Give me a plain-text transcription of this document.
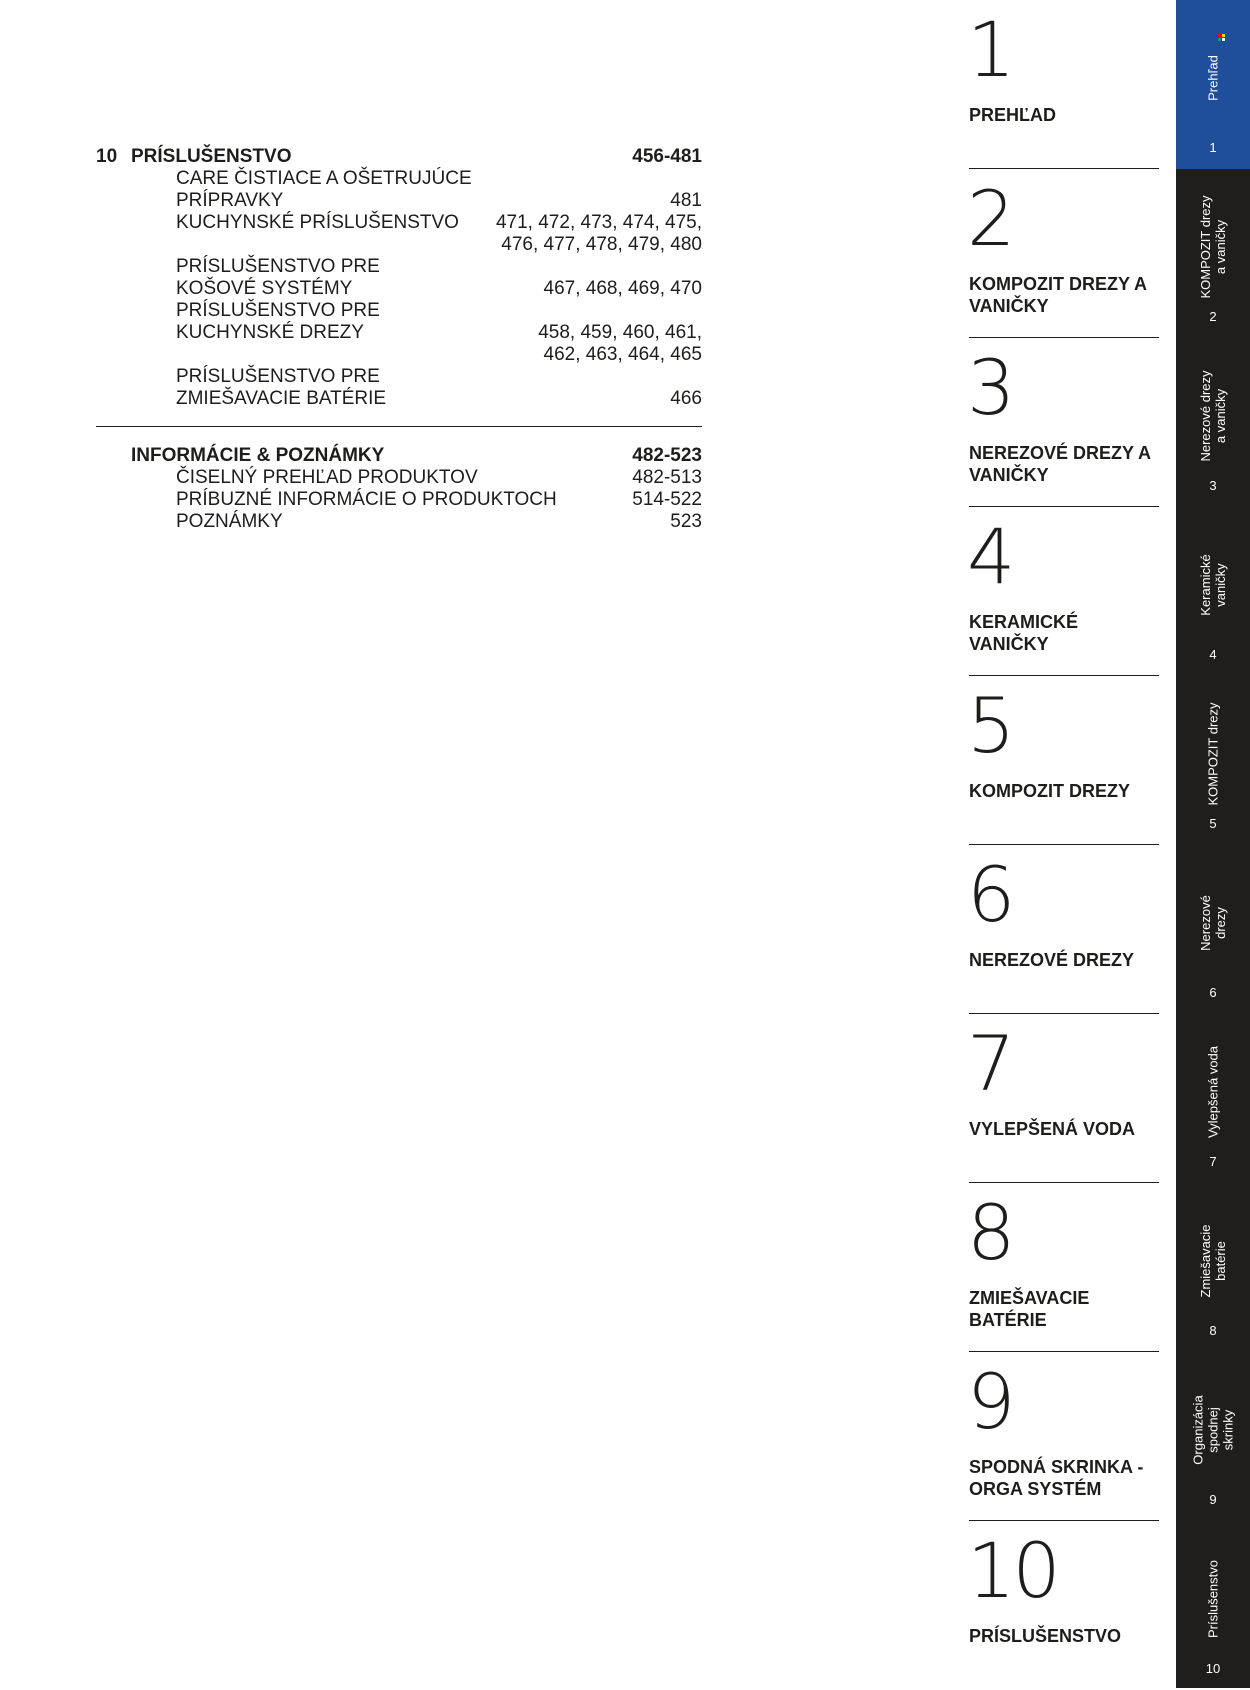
10 PRÍSLUŠENSTVO	456-481
CARE ČISTIACE A OŠETRUJÚCE
PRÍPRAVKY	481
KUCHYNSKÉ PRÍSLUŠENSTVO 471, 472, 473, 474, 475,
476, 477, 478, 479, 480
PRÍSLUŠENSTVO PRE
KOŠOVÉ SYSTÉMY	467, 468, 469, 470
PRÍSLUŠENSTVO PRE
KUCHYNSKÉ DREZY	458, 459, 460, 461,
462, 463, 464, 465
PRÍSLUŠENSTVO PRE
ZMIEŠAVACIE BATÉRIE	466
INFORMÁCIE & POZNÁMKY	482-523
ČISELNÝ PREHĽAD PRODUKTOV	482-513
PRÍBUZNÉ INFORMÁCIE O PRODUKTOCH	514-522
POZNÁMKY	523
1
PREHĽAD
2
KOMPOZIT DREZY A VANIČKY
3
NEREZOVÉ DREZY A VANIČKY
4
KERAMICKÉ VANIČKY
5
KOMPOZIT DREZY
6
NEREZOVÉ DREZY
7
VYLEPŠENÁ VODA
8
ZMIEŠAVACIE BATÉRIE
9
SPODNÁ SKRINKA - ORGA SYSTÉM
10
PRÍSLUŠENSTVO
Prehľad
1
KOMPOZIT drezy
a vaničky
2
Nerezové drezy
a vaničky
3
Keramické
vaničky
4
KOMPOZIT drezy
5
Nerezové
drezy
6
Vylepšená voda
7
Zmiešavacie
batérie
8
Organizácia
spodnej
skrinky
9
Príslušenstvo
10
